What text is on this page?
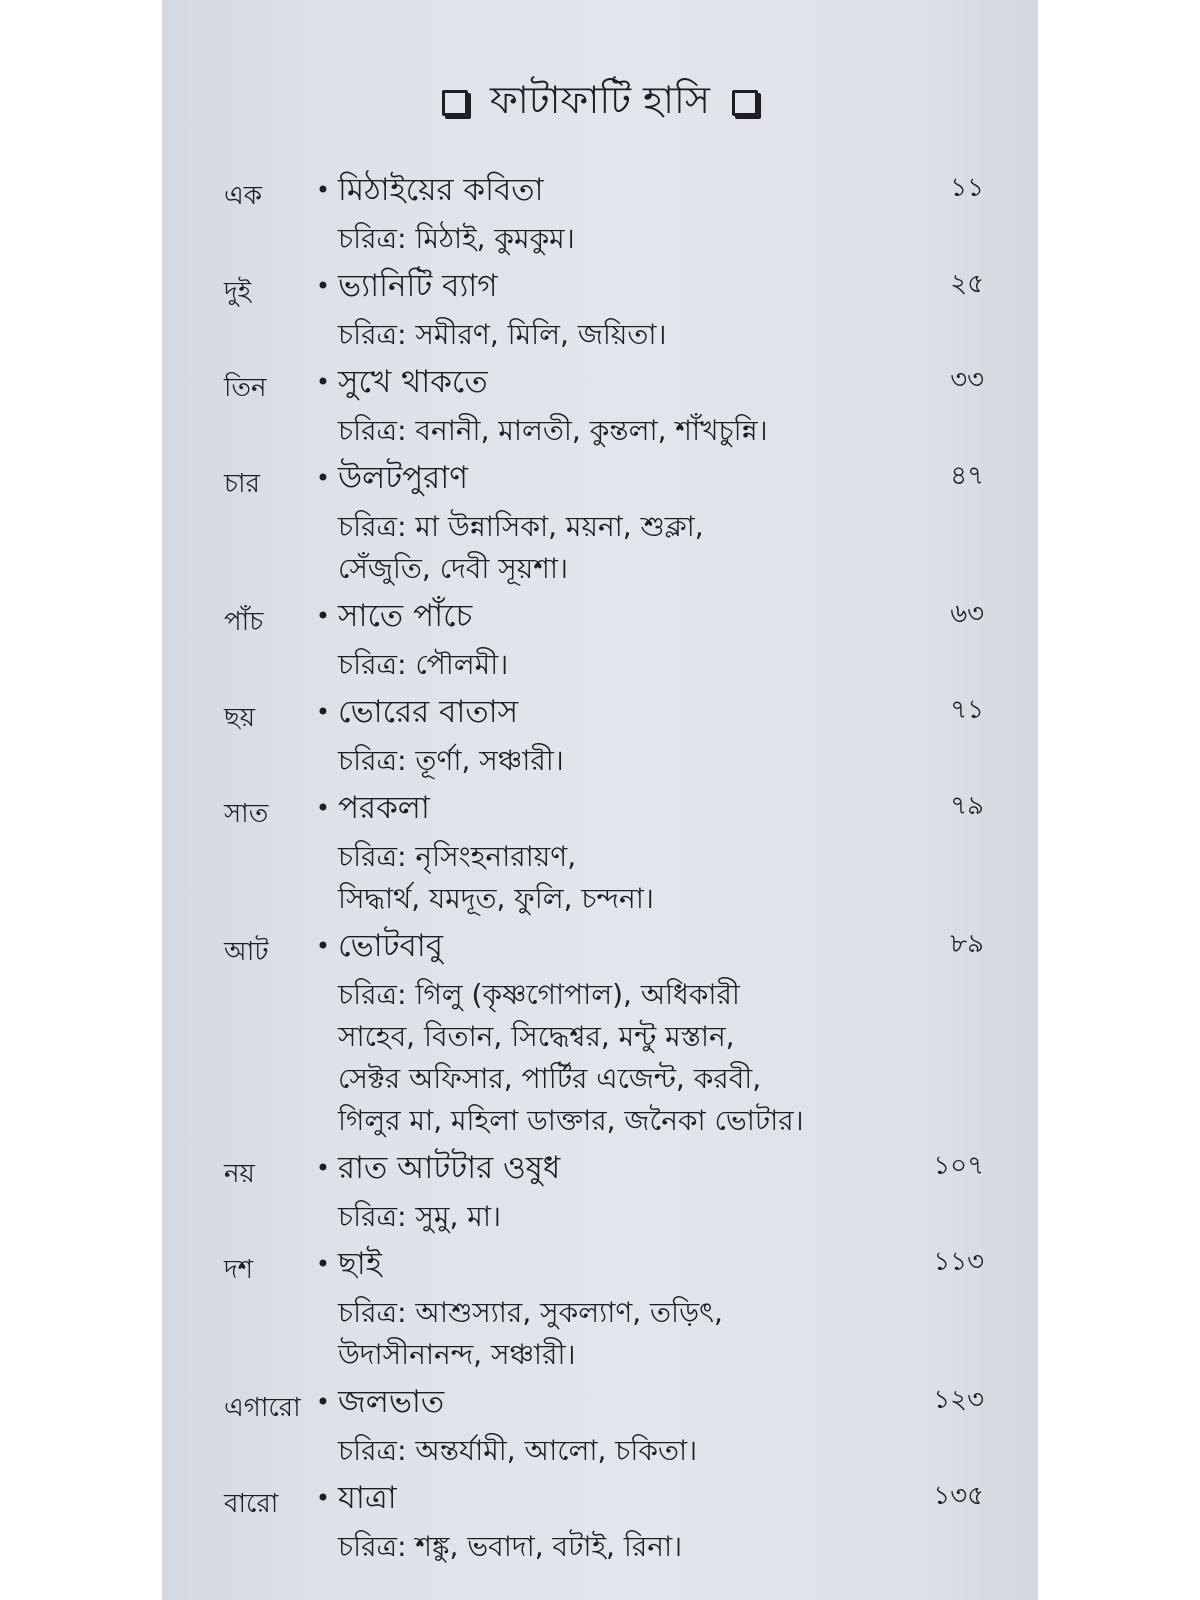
ফাটাফাটি হাসি
এক	• মিঠাইয়ের কবিতা	১১
চরিত্র: মিঠাই, কুমকুম।
দুই	• ভ্যানিটি ব্যাগ	২৫
চরিত্র: সমীরণ, মিলি, জয়িতা।
তিন	• সুখে থাকতে	৩৩
চরিত্র: বনানী, মালতী, কুন্তলা, শাঁখচুন্নি।
চার	• উলটপুরাণ	৪৭
চরিত্র: মা উন্নাসিকা, ময়না, শুক্লা,
সেঁজুতি, দেবী সূয়শা।
পাঁচ	• সাতে পাঁচে	৬৩
চরিত্র: পৌলমী।
ছয়	• ভোরের বাতাস	৭১
চরিত্র: তূর্ণা, সঞ্চারী।
সাত	• পরকলা	৭৯
চরিত্র: নৃসিংহনারায়ণ,
সিদ্ধার্থ, যমদূত, ফুলি, চন্দনা।
আট	• ভোটবাবু	৮৯
চরিত্র: গিলু (কৃষ্ণগোপাল), অধিকারী
সাহেব, বিতান, সিদ্ধেশ্বর, মন্টু মস্তান,
সেক্টর অফিসার, পার্টির এজেন্ট, করবী,
গিলুর মা, মহিলা ডাক্তার, জনৈকা ভোটার।
নয়	• রাত আটটার ওষুধ	১০৭
চরিত্র: সুমু, মা।
দশ	• ছাই	১১৩
চরিত্র: আশুস্যার, সুকল্যাণ, তড়িৎ,
উদাসীনানন্দ, সঞ্চারী।
এগারো • জলভাত	১২৩
চরিত্র: অন্তর্যামী, আলো, চকিতা।
বারো	• যাত্রা	১৩৫
চরিত্র: শঙ্কু, ভবাদা, বটাই, রিনা।
